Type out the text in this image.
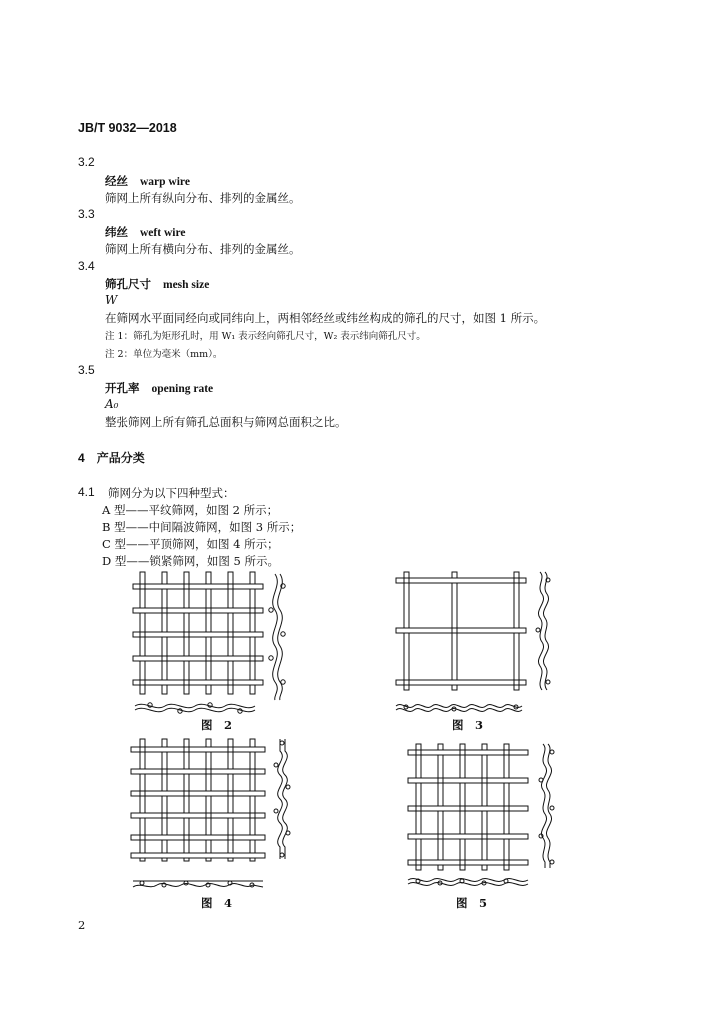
JB/T 9032—2018
3.2
经丝 warp wire
筛网上所有纵向分布、排列的金属丝。
3.3
纬丝 weft wire
筛网上所有横向分布、排列的金属丝。
3.4
筛孔尺寸 mesh size
W
在筛网水平面同经向或同纬向上，两相邻经丝或纬丝构成的筛孔的尺寸，如图 1 所示。
注 1：筛孔为矩形孔时，用 W₁ 表示经向筛孔尺寸，W₂ 表示纬向筛孔尺寸。
注 2：单位为毫米（mm）。
3.5
开孔率 opening rate
A₀
整张筛网上所有筛孔总面积与筛网总面积之比。
4 产品分类
4.1 筛网分为以下四种型式：
A 型——平纹筛网，如图 2 所示；
B 型——中间隔波筛网，如图 3 所示；
C 型——平顶筛网，如图 4 所示；
D 型——锁紧筛网，如图 5 所示。
图　2	图　3
图　4	图　5
2
